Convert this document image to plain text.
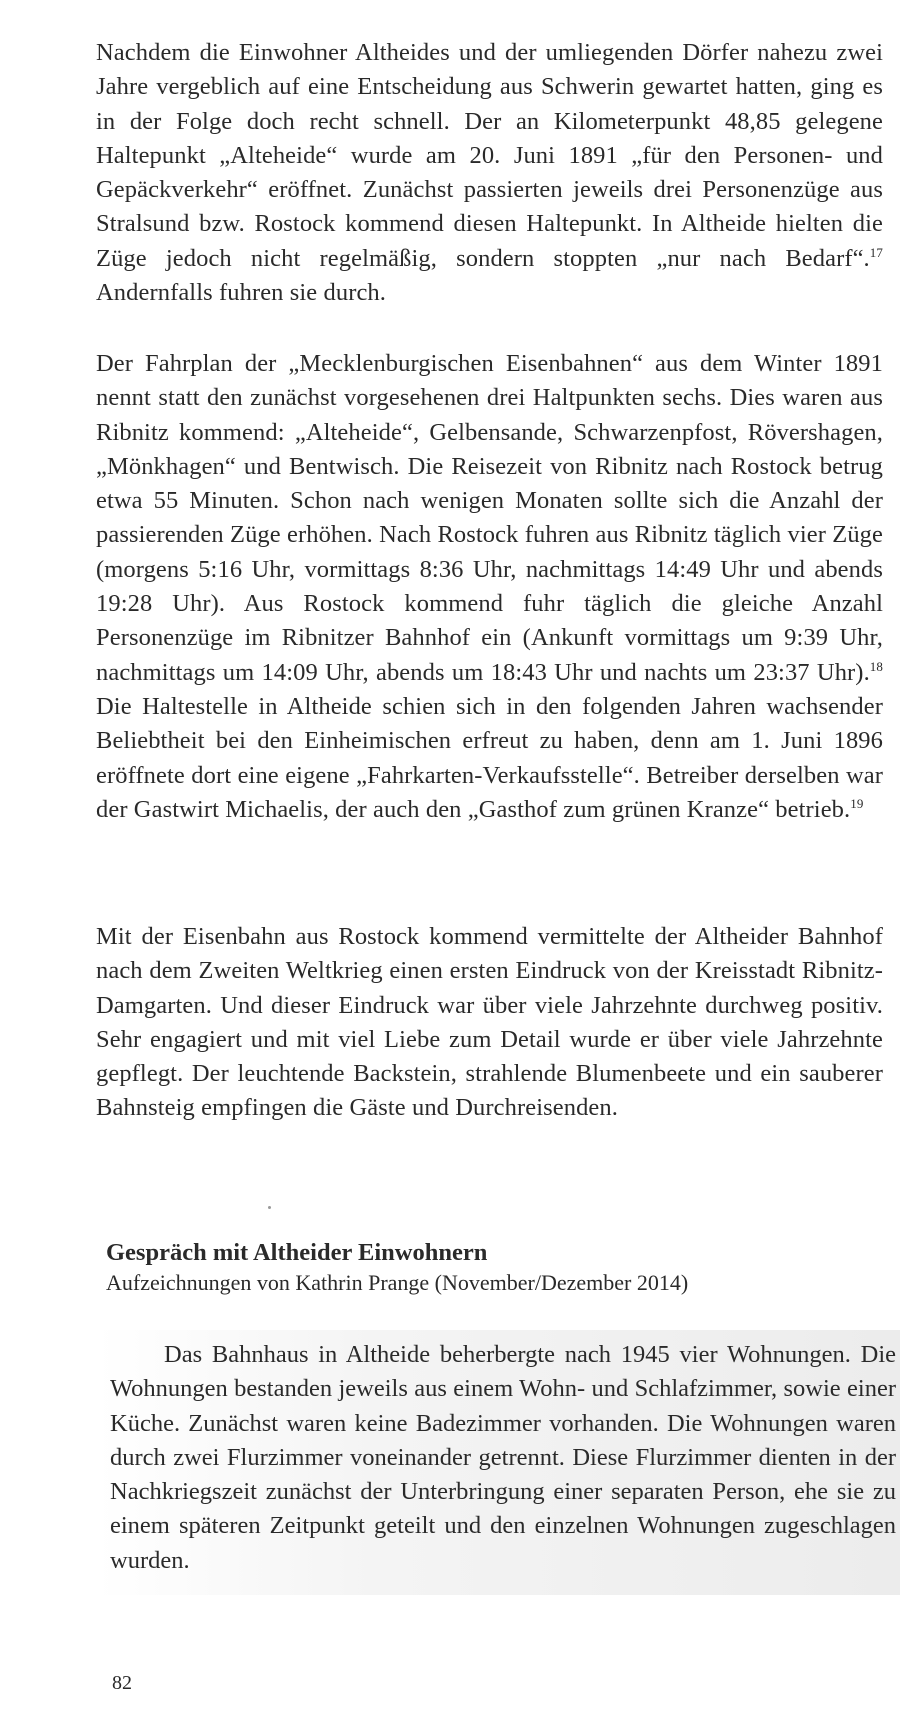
Nachdem die Einwohner Altheides und der umliegenden Dörfer nahezu zwei Jahre vergeblich auf eine Entscheidung aus Schwerin gewartet hatten, ging es in der Folge doch recht schnell. Der an Kilometerpunkt 48,85 gelegene Haltepunkt „Alteheide“ wurde am 20. Juni 1891 „für den Personen- und Gepäckverkehr“ eröffnet. Zunächst passierten jeweils drei Personenzüge aus Stralsund bzw. Rostock kommend diesen Haltepunkt. In Altheide hielten die Züge jedoch nicht regelmäßig, sondern stoppten „nur nach Bedarf“.$^{17}$ Andernfalls fuhren sie durch.

Der Fahrplan der „Mecklenburgischen Eisenbahnen“ aus dem Winter 1891 nennt statt den zunächst vorgesehenen drei Haltpunkten sechs. Dies waren aus Ribnitz kommend: „Alteheide“, Gelbensande, Schwarzenpfost, Rövershagen, „Mönkhagen“ und Bentwisch. Die Reisezeit von Ribnitz nach Rostock betrug etwa 55 Minuten. Schon nach wenigen Monaten sollte sich die Anzahl der passierenden Züge erhöhen. Nach Rostock fuhren aus Ribnitz täglich vier Züge (morgens 5:16 Uhr, vormittags 8:36 Uhr, nachmittags 14:49 Uhr und abends 19:28 Uhr). Aus Rostock kommend fuhr täglich die gleiche Anzahl Personenzüge im Ribnitzer Bahnhof ein (Ankunft vormittags um 9:39 Uhr, nachmittags um 14:09 Uhr, abends um 18:43 Uhr und nachts um 23:37 Uhr).$^{18}$ Die Haltestelle in Altheide schien sich in den folgenden Jahren wachsender Beliebtheit bei den Einheimischen erfreut zu haben, denn am 1. Juni 1896 eröffnete dort eine eigene „Fahrkarten-Verkaufsstelle“. Betreiber derselben war der Gastwirt Michaelis, der auch den „Gasthof zum grünen Kranze“ betrieb.$^{19}$

Mit der Eisenbahn aus Rostock kommend vermittelte der Altheider Bahnhof nach dem Zweiten Weltkrieg einen ersten Eindruck von der Kreisstadt Ribnitz-Damgarten. Und dieser Eindruck war über viele Jahrzehnte durchweg positiv. Sehr engagiert und mit viel Liebe zum Detail wurde er über viele Jahrzehnte gepflegt. Der leuchtende Backstein, strahlende Blumenbeete und ein sauberer Bahnsteig empfingen die Gäste und Durchreisenden.

Gespräch mit Altheider Einwohnern

Aufzeichnungen von Kathrin Prange (November/Dezember 2014)

Das Bahnhaus in Altheide beherbergte nach 1945 vier Wohnungen. Die Wohnungen bestanden jeweils aus einem Wohn- und Schlafzimmer, sowie einer Küche. Zunächst waren keine Badezimmer vorhanden. Die Wohnungen waren durch zwei Flurzimmer voneinander getrennt. Diese Flurzimmer dienten in der Nachkriegszeit zunächst der Unterbringung einer separaten Person, ehe sie zu einem späteren Zeitpunkt geteilt und den einzelnen Wohnungen zugeschlagen wurden.

82
